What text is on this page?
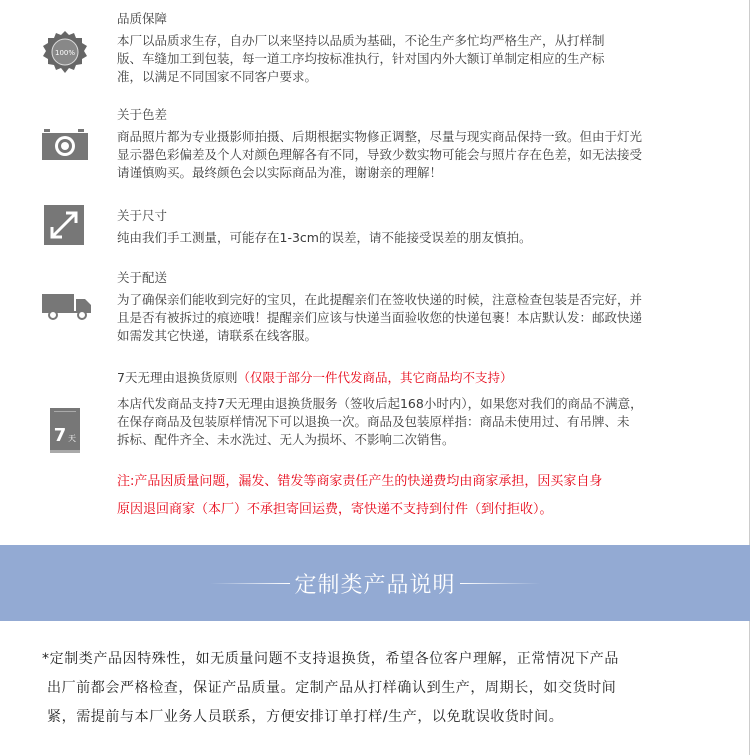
100%
品质保障
本厂以品质求生存，自办厂以来坚持以品质为基础，不论生产多忙均严格生产，从打样制
版、车缝加工到包装，每一道工序均按标准执行，针对国内外大额订单制定相应的生产标
准，以满足不同国家不同客户要求。
关于色差
商品照片都为专业摄影师拍摄、后期根据实物修正调整，尽量与现实商品保持一致。但由于灯光
显示器色彩偏差及个人对颜色理解各有不同，导致少数实物可能会与照片存在色差，如无法接受
请谨慎购买。最终颜色会以实际商品为准，谢谢亲的理解！
关于尺寸
纯由我们手工测量，可能存在1-3cm的误差，请不能接受误差的朋友慎拍。
关于配送
为了确保亲们能收到完好的宝贝，在此提醒亲们在签收快递的时候，注意检查包装是否完好，并
且是否有被拆过的痕迹哦！提醒亲们应该与快递当面验收您的快递包裹！本店默认发：邮政快递
如需发其它快递，请联系在线客服。
7 天
7天无理由退换货原则（仅限于部分一件代发商品，其它商品均不支持）
本店代发商品支持7天无理由退换货服务（签收后起168小时内），如果您对我们的商品不满意，
在保存商品及包装原样情况下可以退换一次。商品及包装原样指：商品未使用过、有吊牌、未
拆标、配件齐全、未水洗过、无人为损坏、不影响二次销售。
注:产品因质量问题，漏发、错发等商家责任产生的快递费均由商家承担，因买家自身
原因退回商家（本厂）不承担寄回运费，寄快递不支持到付件（到付拒收）。
定制类产品说明
*定制类产品因特殊性，如无质量问题不支持退换货，希望各位客户理解，正常情况下产品
出厂前都会严格检查，保证产品质量。定制产品从打样确认到生产，周期长，如交货时间
紧，需提前与本厂业务人员联系，方便安排订单打样/生产，以免耽误收货时间。
